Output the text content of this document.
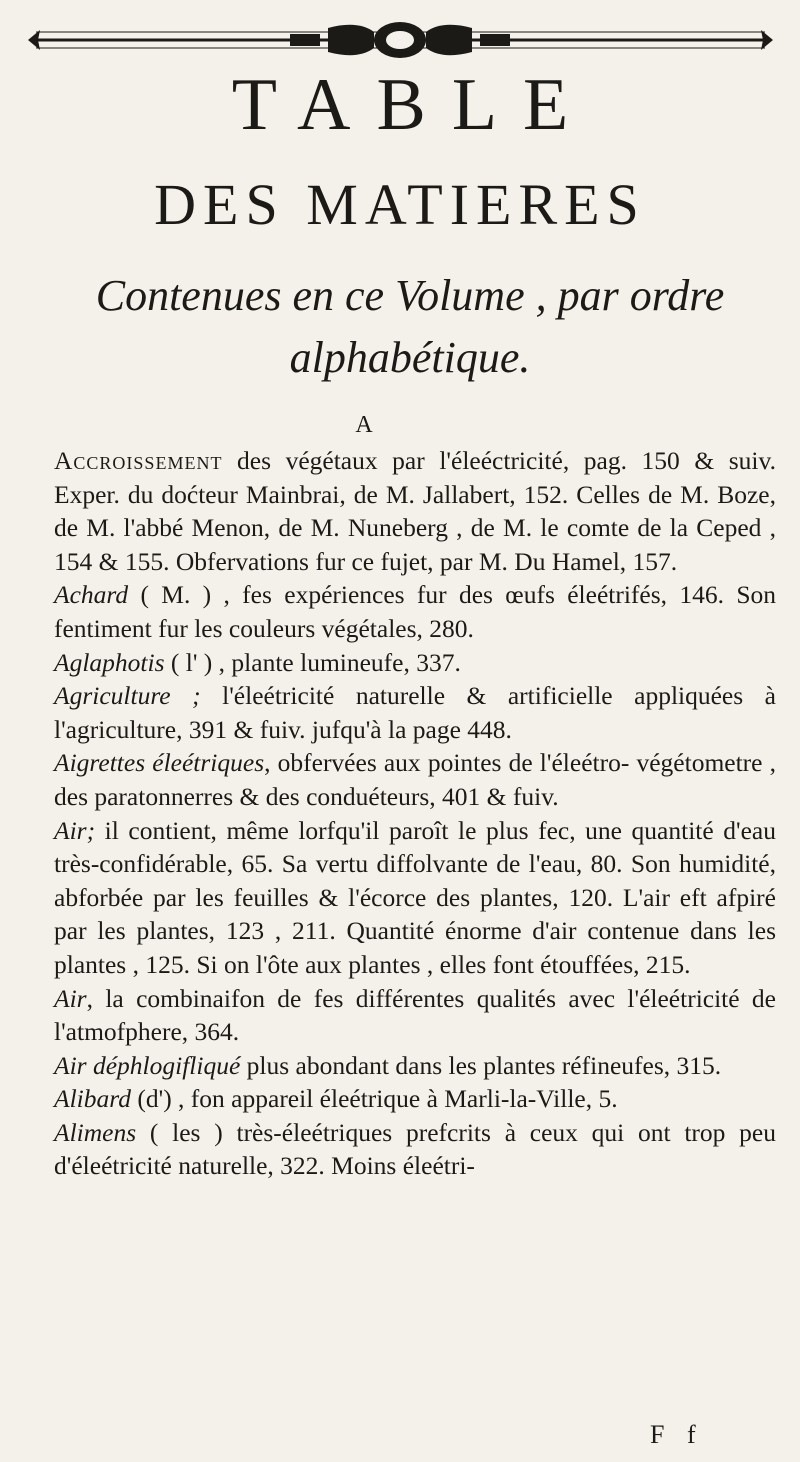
TABLE
DES MATIERES
Contenues en ce Volume , par ordre
alphabétique.
A

Accroissement des végétaux par l'éleéctricité, pag. 150 & suiv. Exper. du doćteur Mainbrai, de M. Jallabert, 152. Celles de M. Boze, de M. l'abbé Menon, de M. Nuneberg , de M. le comte de la Ceped , 154 & 155. Obfervations fur ce fujet, par M. Du Hamel, 157.

Achard ( M. ) , fes expériences fur des œufs éleétrifés, 146. Son fentiment fur les couleurs végétales, 280.

Aglaphotis ( l' ) , plante lumineufe, 337.

Agriculture ; l'éleétricité naturelle & artificielle appliquées à l'agriculture, 391 & fuiv. jufqu'à la page 448.

Aigrettes éleétriques, obfervées aux pointes de l'éleétro- végétometre , des paratonnerres & des conduéteurs, 401 & fuiv.

Air; il contient, même lorfqu'il paroît le plus fec, une quantité d'eau très-confidérable, 65. Sa vertu diffolvante de l'eau, 80. Son humidité, abforbée par les feuilles & l'écorce des plantes, 120. L'air eft afpiré par les plantes, 123 , 211. Quantité énorme d'air contenue dans les plantes , 125. Si on l'ôte aux plantes , elles font étouffées, 215.

Air, la combinaifon de fes différentes qualités avec l'éleétricité de l'atmofphere, 364.

Air déphlogifliqué plus abondant dans les plantes réfineufes, 315.

Alibard (d') , fon appareil éleétrique à Marli-la-Ville, 5.

Alimens ( les ) très-éleétriques prefcrits à ceux qui ont trop peu d'éleétricité naturelle, 322. Moins éleétri-

F f
